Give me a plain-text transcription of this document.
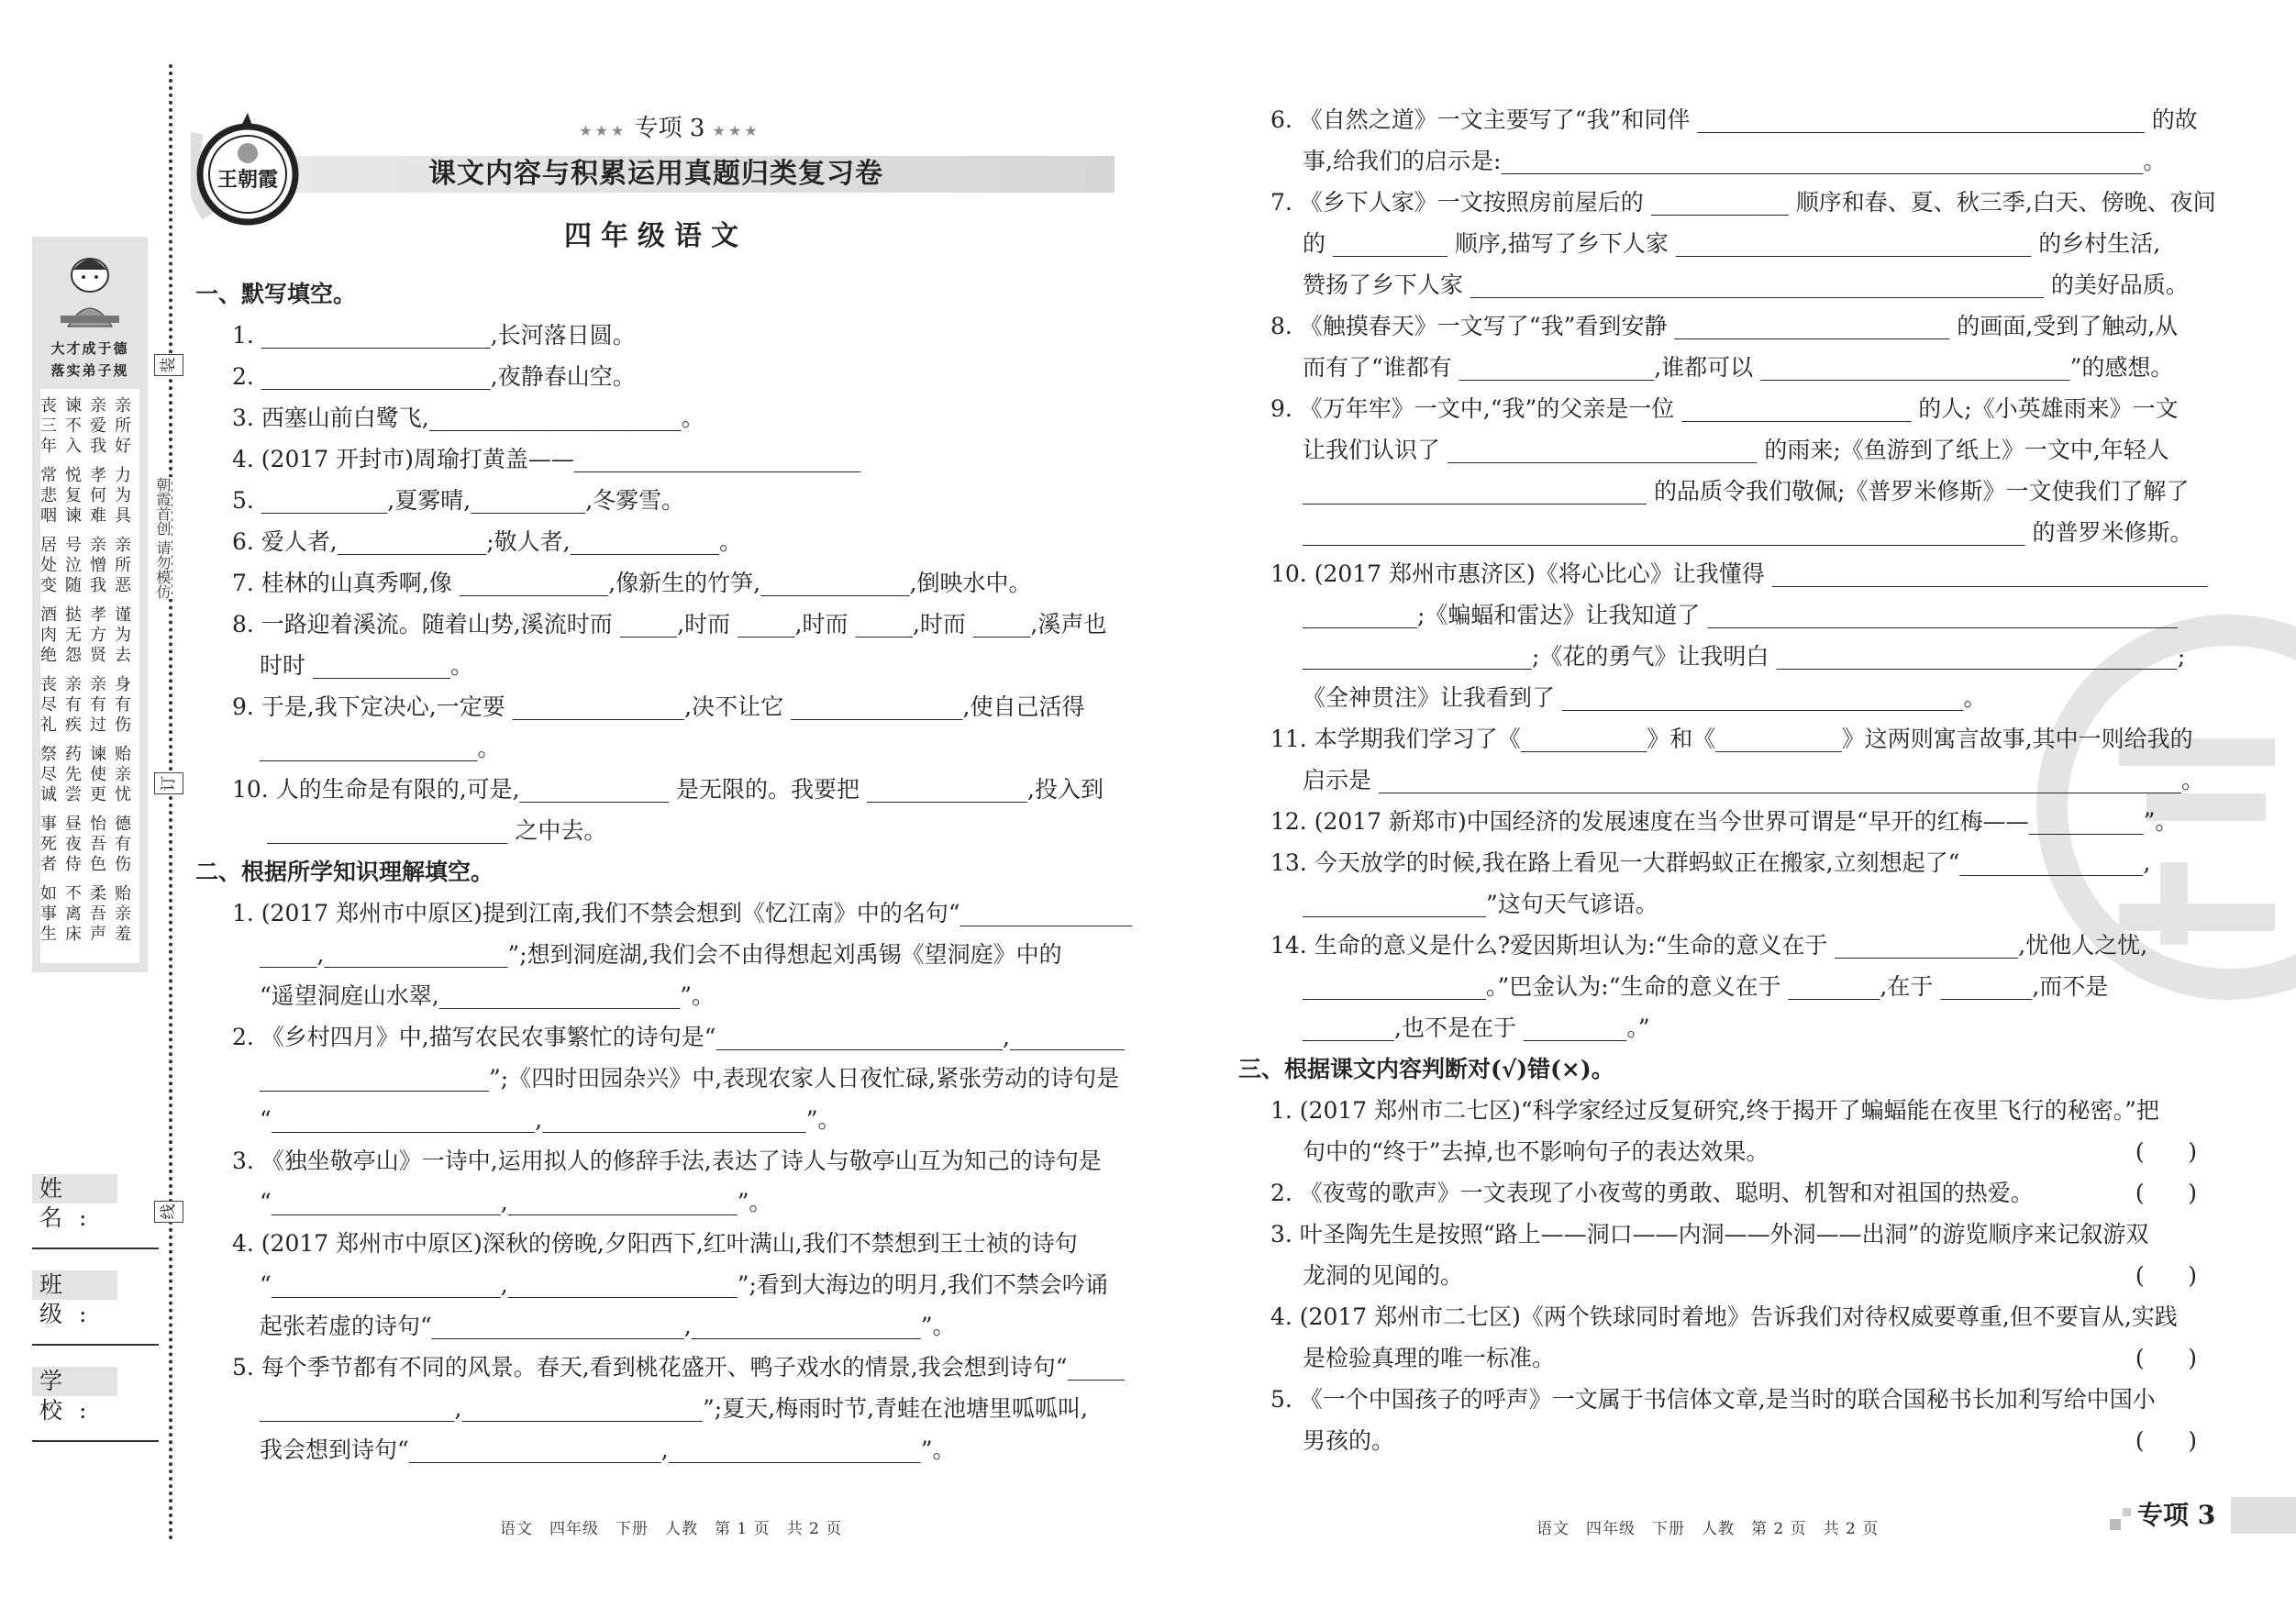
装
订
线
朝霞首创 请勿模仿
大才成于德
落实弟子规
丧谏亲亲
三不爱所
年入我好
常悦孝力
悲复何为
咽谏难具
居号亲亲
处泣憎所
变随我恶
酒挞孝谨
肉无方为
绝怨贤去
丧亲亲身
尽有有有
礼疾过伤
祭药谏贻
尽先使亲
诚尝更忧
事昼怡德
死夜吾有
者侍色伤
如不柔贻
事离吾亲
生床声羞
姓名:
班级:
学校:
王朝霞
★★★ 专项 3 ★★★
课文内容与积累运用真题归类复习卷
四年级语文
一、默写填空。
1. ____________________,长河落日圆。
2. ____________________,夜静春山空。
3. 西塞山前白鹭飞,______________________。
4. (2017 开封市)周瑜打黄盖——_________________________
5. ___________,夏雾晴,__________,冬雾雪。
6. 爱人者,_____________;敬人者,_____________。
7. 桂林的山真秀啊,像 _____________,像新生的竹笋,_____________,倒映水中。
8. 一路迎着溪流。随着山势,溪流时而 _____,时而 _____,时而 _____,时而 _____,溪声也
时时 ____________。
9. 于是,我下定决心,一定要 _______________,决不让它 _______________,使自己活得
___________________。
10. 人的生命是有限的,可是,_____________ 是无限的。我要把 ______________,投入到
_____________________ 之中去。
二、根据所学知识理解填空。
1. (2017 郑州市中原区)提到江南,我们不禁会想到《忆江南》中的名句“_______________
_____,________________”;想到洞庭湖,我们会不由得想起刘禹锡《望洞庭》中的
“遥望洞庭山水翠,_____________________”。
2. 《乡村四月》中,描写农民农事繁忙的诗句是“_________________________,__________
____________________”;《四时田园杂兴》中,表现农家人日夜忙碌,紧张劳动的诗句是
“_______________________,_______________________”。
3. 《独坐敬亭山》一诗中,运用拟人的修辞手法,表达了诗人与敬亭山互为知己的诗句是
“____________________,____________________”。
4. (2017 郑州市中原区)深秋的傍晚,夕阳西下,红叶满山,我们不禁想到王士祯的诗句
“____________________,____________________”;看到大海边的明月,我们不禁会吟诵
起张若虚的诗句“______________________,____________________”。
5. 每个季节都有不同的风景。春天,看到桃花盛开、鸭子戏水的情景,我会想到诗句“_____
_________________,_____________________”;夏天,梅雨时节,青蛙在池塘里呱呱叫,
我会想到诗句“______________________,______________________”。
6. 《自然之道》一文主要写了“我”和同伴 _______________________________________ 的故
事,给我们的启示是:________________________________________________________。
7. 《乡下人家》一文按照房前屋后的 ____________ 顺序和春、夏、秋三季,白天、傍晚、夜间
的 __________ 顺序,描写了乡下人家 _______________________________ 的乡村生活,
赞扬了乡下人家 __________________________________________________ 的美好品质。
8. 《触摸春天》一文写了“我”看到安静 ________________________ 的画面,受到了触动,从
而有了“谁都有 _________________,谁都可以 ___________________________”的感想。
9. 《万年牢》一文中,“我”的父亲是一位 ____________________ 的人;《小英雄雨来》一文
让我们认识了 ___________________________ 的雨来;《鱼游到了纸上》一文中,年轻人
______________________________ 的品质令我们敬佩;《普罗米修斯》一文使我们了解了
_______________________________________________________________ 的普罗米修斯。
10. (2017 郑州市惠济区)《将心比心》让我懂得 ______________________________________
__________;《蝙蝠和雷达》让我知道了 _________________________________________
____________________;《花的勇气》让我明白 ___________________________________;
《全神贯注》让我看到了 ___________________________________。
11. 本学期我们学习了《___________》和《___________》这两则寓言故事,其中一则给我的
启示是 ______________________________________________________________________。
12. (2017 新郑市)中国经济的发展速度在当今世界可谓是“早开的红梅——__________”。
13. 今天放学的时候,我在路上看见一大群蚂蚁正在搬家,立刻想起了“________________,
________________”这句天气谚语。
14. 生命的意义是什么?爱因斯坦认为:“生命的意义在于 ________________,忧他人之忧,
________________。”巴金认为:“生命的意义在于 ________,在于 ________,而不是
________,也不是在于 _________。”
三、根据课文内容判断对(√)错(×)。
1. (2017 郑州市二七区)“科学家经过反复研究,终于揭开了蝙蝠能在夜里飞行的秘密。”把
句中的“终于”去掉,也不影响句子的表达效果。	(      )
2. 《夜莺的歌声》一文表现了小夜莺的勇敢、聪明、机智和对祖国的热爱。	(      )
3. 叶圣陶先生是按照“路上——洞口——内洞——外洞——出洞”的游览顺序来记叙游双
龙洞的见闻的。	(      )
4. (2017 郑州市二七区)《两个铁球同时着地》告诉我们对待权威要尊重,但不要盲从,实践
是检验真理的唯一标准。	(      )
5. 《一个中国孩子的呼声》一文属于书信体文章,是当时的联合国秘书长加利写给中国小
男孩的。	(      )
语文　四年级　下册　人教　第 1 页　共 2 页	语文　四年级　下册　人教　第 2 页　共 2 页	专项 3
